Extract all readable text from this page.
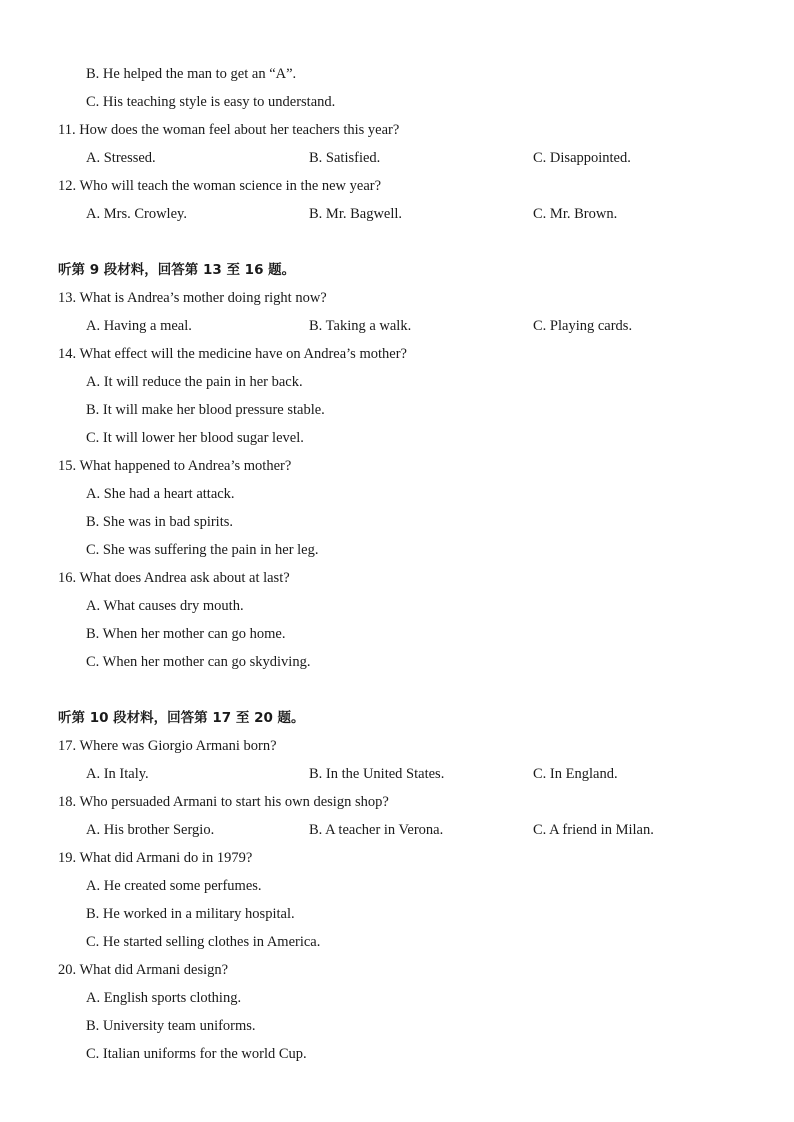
B. He helped the man to get an “A”.
C. His teaching style is easy to understand.
11. How does the woman feel about her teachers this year?
A. Stressed.	B. Satisfied.	C. Disappointed.
12. Who will teach the woman science in the new year?
A. Mrs. Crowley.	B. Mr. Bagwell.	C. Mr. Brown.
听第 9 段材料，回答第 13 至 16 题。
13. What is Andrea’s mother doing right now?
A. Having a meal.	B. Taking a walk.	C. Playing cards.
14. What effect will the medicine have on Andrea’s mother?
A. It will reduce the pain in her back.
B. It will make her blood pressure stable.
C. It will lower her blood sugar level.
15. What happened to Andrea’s mother?
A. She had a heart attack.
B. She was in bad spirits.
C. She was suffering the pain in her leg.
16. What does Andrea ask about at last?
A. What causes dry mouth.
B. When her mother can go home.
C. When her mother can go skydiving.
听第 10 段材料，回答第 17 至 20 题。
17. Where was Giorgio Armani born?
A. In Italy.	B. In the United States.	C. In England.
18. Who persuaded Armani to start his own design shop?
A. His brother Sergio.	B. A teacher in Verona.	C. A friend in Milan.
19. What did Armani do in 1979?
A. He created some perfumes.
B. He worked in a military hospital.
C. He started selling clothes in America.
20. What did Armani design?
A. English sports clothing.
B. University team uniforms.
C. Italian uniforms for the world Cup.
